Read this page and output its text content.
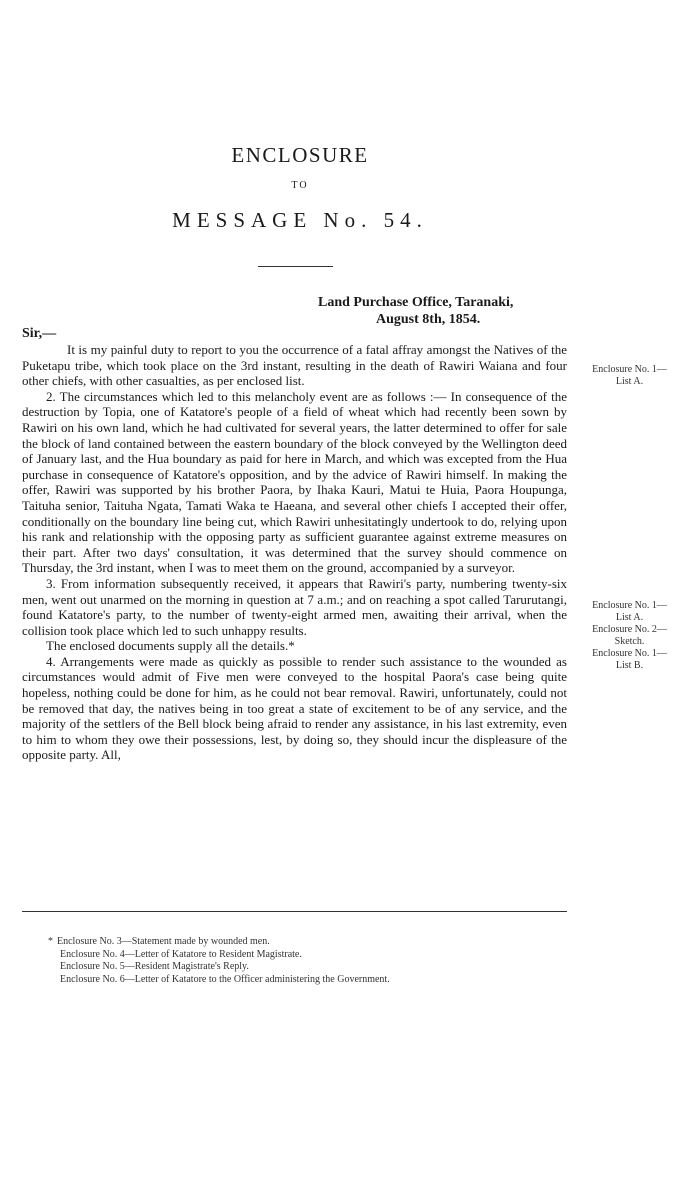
ENCLOSURE
TO
MESSAGE No. 54.
Land Purchase Office, Taranaki,
August 8th, 1854.
Sir,—

It is my painful duty to report to you the occurrence of a fatal affray amongst the Natives of the Puketapu tribe, which took place on the 3rd instant, resulting in the death of Rawiri Waiana and four other chiefs, with other casualties, as per enclosed list.

2. The circumstances which led to this melancholy event are as follows :— In consequence of the destruction by Topia, one of Katatore's people of a field of wheat which had recently been sown by Rawiri on his own land, which he had cultivated for several years, the latter determined to offer for sale the block of land contained between the eastern boundary of the block conveyed by the Wellington deed of January last, and the Hua boundary as paid for here in March, and which was excepted from the Hua purchase in consequence of Katatore's opposition, and by the advice of Rawiri himself. In making the offer, Rawiri was supported by his brother Paora, by Ihaka Kauri, Matui te Huia, Paora Houpunga, Taituha senior, Taituha Ngata, Tamati Waka te Haeana, and several other chiefs I accepted their offer, conditionally on the boundary line being cut, which Rawiri unhesitatingly undertook to do, relying upon his rank and relationship with the opposing party as sufficient guarantee against extreme measures on their part. After two days' consultation, it was determined that the survey should commence on Thursday, the 3rd instant, when I was to meet them on the ground, accompanied by a surveyor.

3. From information subsequently received, it appears that Rawiri's party, numbering twenty-six men, went out unarmed on the morning in question at 7 a.m.; and on reaching a spot called Tarurutangi, found Katatore's party, to the number of twenty-eight armed men, awaiting their arrival, when the collision took place which led to such unhappy results.

The enclosed documents supply all the details.*

4. Arrangements were made as quickly as possible to render such assistance to the wounded as circumstances would admit of Five men were conveyed to the hospital Paora's case being quite hopeless, nothing could be done for him, as he could not bear removal. Rawiri, unfortunately, could not be removed that day, the natives being in too great a state of excitement to be of any service, and the majority of the settlers of the Bell block being afraid to render any assistance, in his last extremity, even to him to whom they owe their possessions, lest, by doing so, they should incur the displeasure of the opposite party. All,

Enclosure No. 1—
List A.
Enclosure No. 1—
List A.
Enclosure No. 2—
Sketch.
Enclosure No. 1—
List B.
* Enclosure No. 3—Statement made by wounded men.
Enclosure No. 4—Letter of Katatore to Resident Magistrate.
Enclosure No. 5—Resident Magistrate's Reply.
Enclosure No. 6—Letter of Katatore to the Officer administering the Government.
